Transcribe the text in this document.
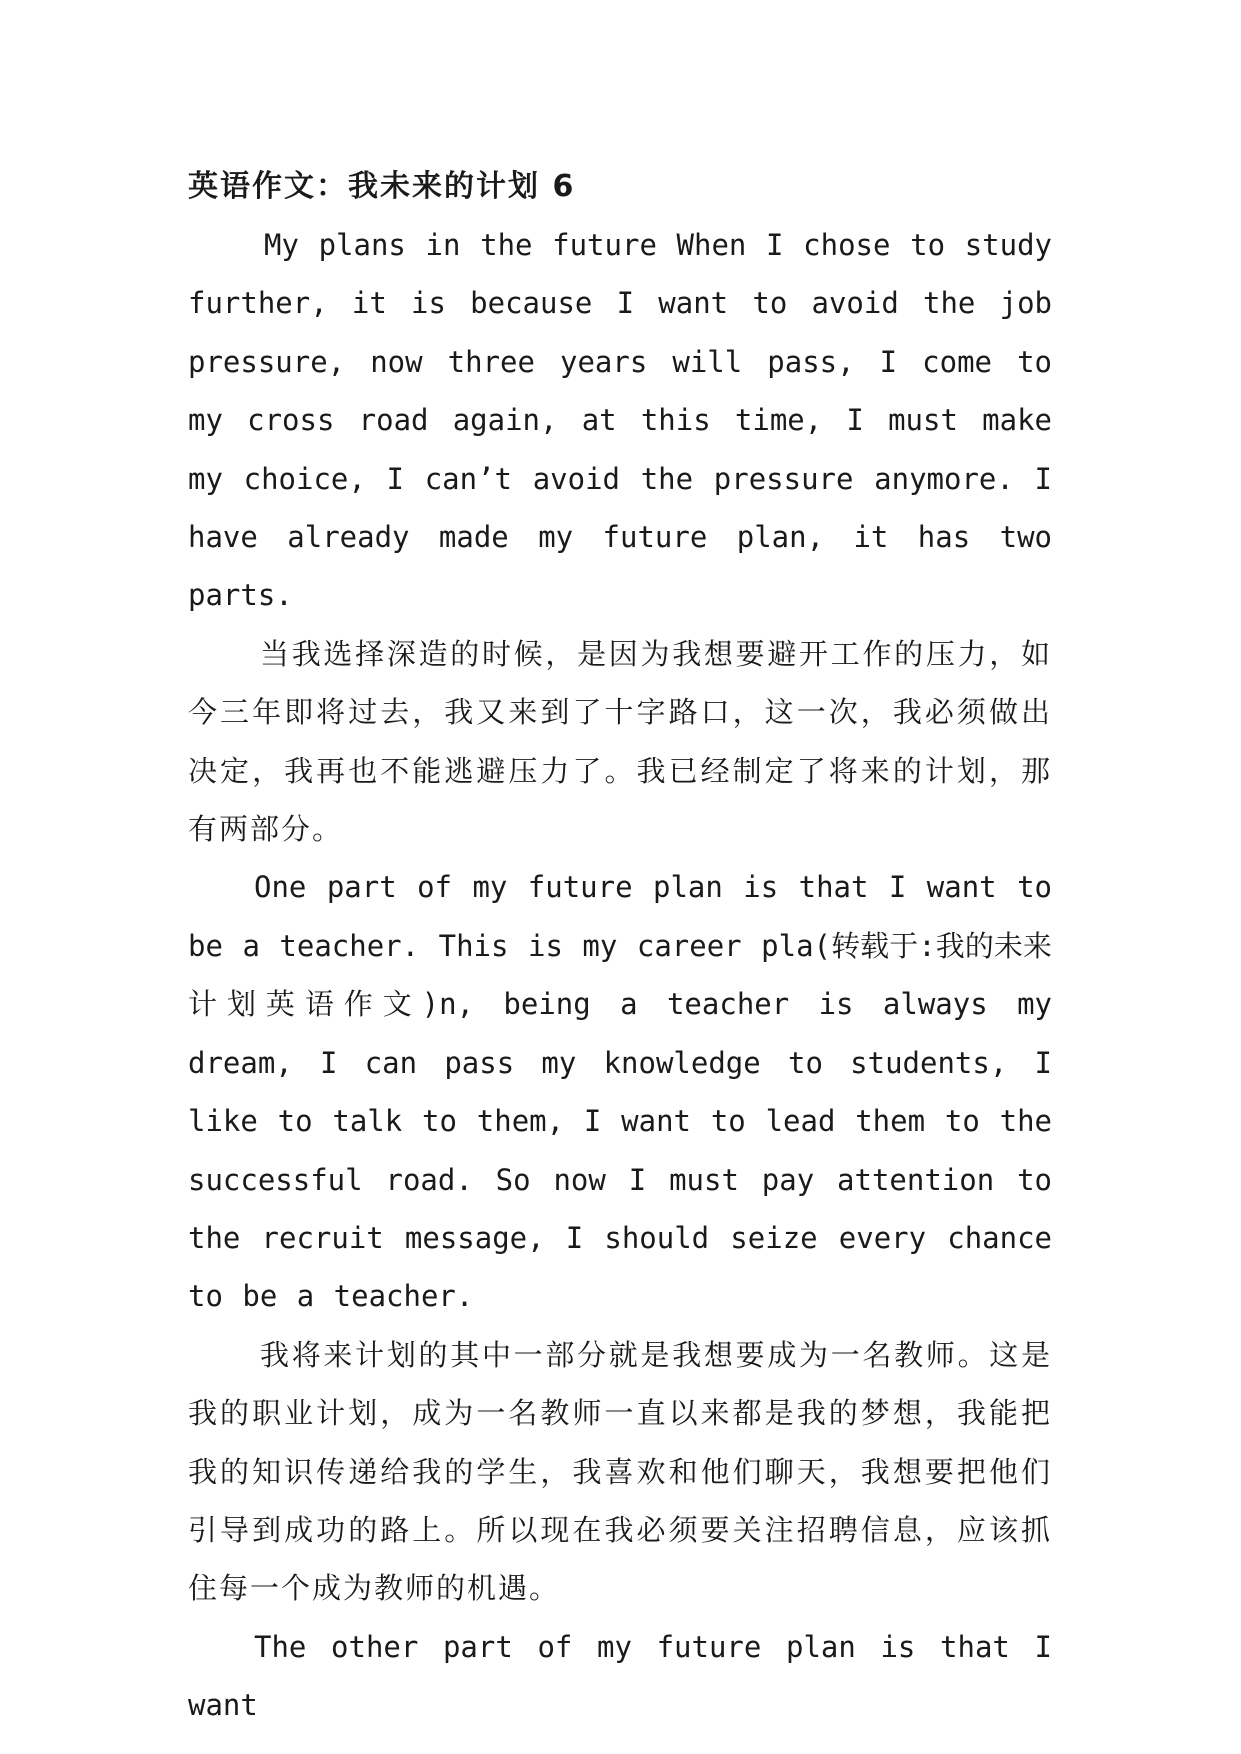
英语作文：我未来的计划 6

My plans in the future When I chose to study further, it is because I want to avoid the job pressure, now three years will pass, I come to my cross road again, at this time, I must make my choice, I can’t avoid the pressure anymore. I have already made my future plan, it has two parts.

当我选择深造的时候，是因为我想要避开工作的压力，如今三年即将过去，我又来到了十字路口，这一次，我必须做出决定，我再也不能逃避压力了。我已经制定了将来的计划，那有两部分。

One part of my future plan is that I want to be a teacher. This is my career pla(转载于:我的未来计划英语作文)n, being a teacher is always my dream, I can pass my knowledge to students, I like to talk to them, I want to lead them to the successful road. So now I must pay attention to the recruit message, I should seize every chance to be a teacher.

我将来计划的其中一部分就是我想要成为一名教师。这是我的职业计划，成为一名教师一直以来都是我的梦想，我能把我的知识传递给我的学生，我喜欢和他们聊天，我想要把他们引导到成功的路上。所以现在我必须要关注招聘信息，应该抓住每一个成为教师的机遇。

The other part of my future plan is that I want
